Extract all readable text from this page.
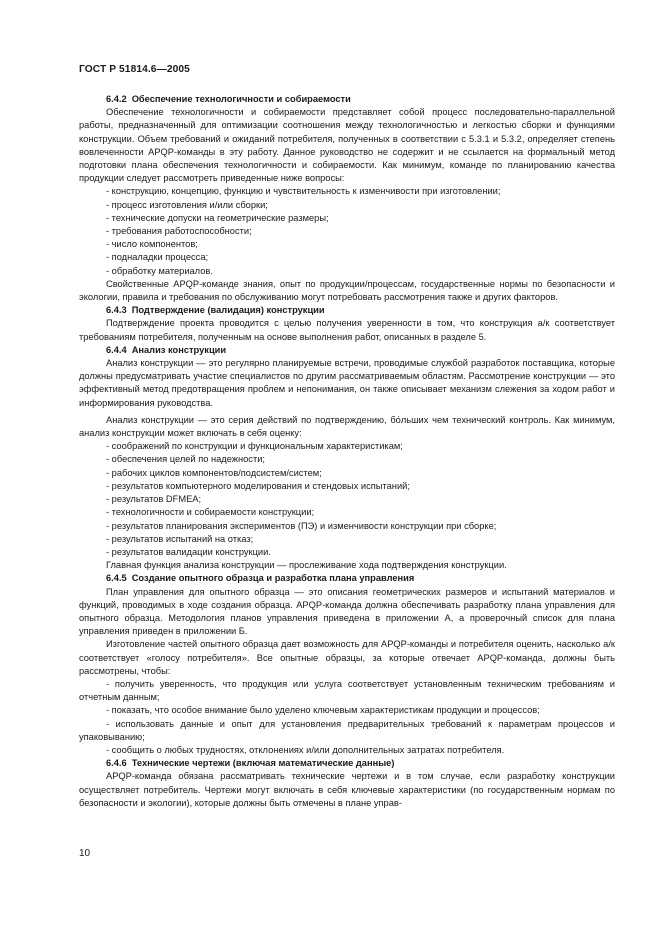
ГОСТ Р 51814.6—2005

6.4.2 Обеспечение технологичности и собираемости

Обеспечение технологичности и собираемости представляет собой процесс последовательно-параллельной работы, предназначенный для оптимизации соотношения между технологичностью и легкостью сборки и функциями конструкции. Объем требований и ожиданий потребителя, полученных в соответствии с 5.3.1 и 5.3.2, определяет степень вовлеченности APQP-команды в эту работу. Данное руководство не содержит и не ссылается на формальный метод подготовки плана обеспечения технологичности и собираемости. Как минимум, команде по планированию качества продукции следует рассмотреть приведенные ниже вопросы:

- конструкцию, концепцию, функцию и чувствительность к изменчивости при изготовлении;

- процесс изготовления и/или сборки;

- технические допуски на геометрические размеры;

- требования работоспособности;

- число компонентов;

- подналадки процесса;

- обработку материалов.

Свойственные APQP-команде знания, опыт по продукции/процессам, государственные нормы по безопасности и экологии, правила и требования по обслуживанию могут потребовать рассмотрения также и других факторов.

6.4.3 Подтверждение (валидация) конструкции

Подтверждение проекта проводится с целью получения уверенности в том, что конструкция а/к соответствует требованиям потребителя, полученным на основе выполнения работ, описанных в разделе 5.

6.4.4 Анализ конструкции

Анализ конструкции — это регулярно планируемые встречи, проводимые службой разработок поставщика, которые должны предусматривать участие специалистов по другим рассматриваемым областям. Рассмотрение конструкции — это эффективный метод предотвращения проблем и непонимания, он также описывает механизм слежения за ходом работ и информирования руководства.

Анализ конструкции — это серия действий по подтверждению, бо́льших чем технический контроль. Как минимум, анализ конструкции может включать в себя оценку:

- соображений по конструкции и функциональным характеристикам;

- обеспечения целей по надежности;

- рабочих циклов компонентов/подсистем/систем;

- результатов компьютерного моделирования и стендовых испытаний;

- результатов DFMEA;

- технологичности и собираемости конструкции;

- результатов планирования экспериментов (ПЭ) и изменчивости конструкции при сборке;

- результатов испытаний на отказ;

- результатов валидации конструкции.

Главная функция анализа конструкции — прослеживание хода подтверждения конструкции.

6.4.5 Создание опытного образца и разработка плана управления

План управления для опытного образца — это описания геометрических размеров и испытаний материалов и функций, проводимых в ходе создания образца. APQP-команда должна обеспечивать разработку плана управления для опытного образца. Методология планов управления приведена в приложении А, а проверочный список для плана управления приведен в приложении Б.

Изготовление частей опытного образца дает возможность для APQP-команды и потребителя оценить, насколько а/к соответствует «голосу потребителя». Все опытные образцы, за которые отвечает APQP-команда, должны быть рассмотрены, чтобы:

- получить уверенность, что продукция или услуга соответствует установленным техническим требованиям и отчетным данным;

- показать, что особое внимание было уделено ключевым характеристикам продукции и процессов;

- использовать данные и опыт для установления предварительных требований к параметрам процессов и упаковыванию;

- сообщить о любых трудностях, отклонениях и/или дополнительных затратах потребителя.

6.4.6 Технические чертежи (включая математические данные)

APQP-команда обязана рассматривать технические чертежи и в том случае, если разработку конструкции осуществляет потребитель. Чертежи могут включать в себя ключевые характеристики (по государственным нормам по безопасности и экологии), которые должны быть отмечены в плане управ-

10
